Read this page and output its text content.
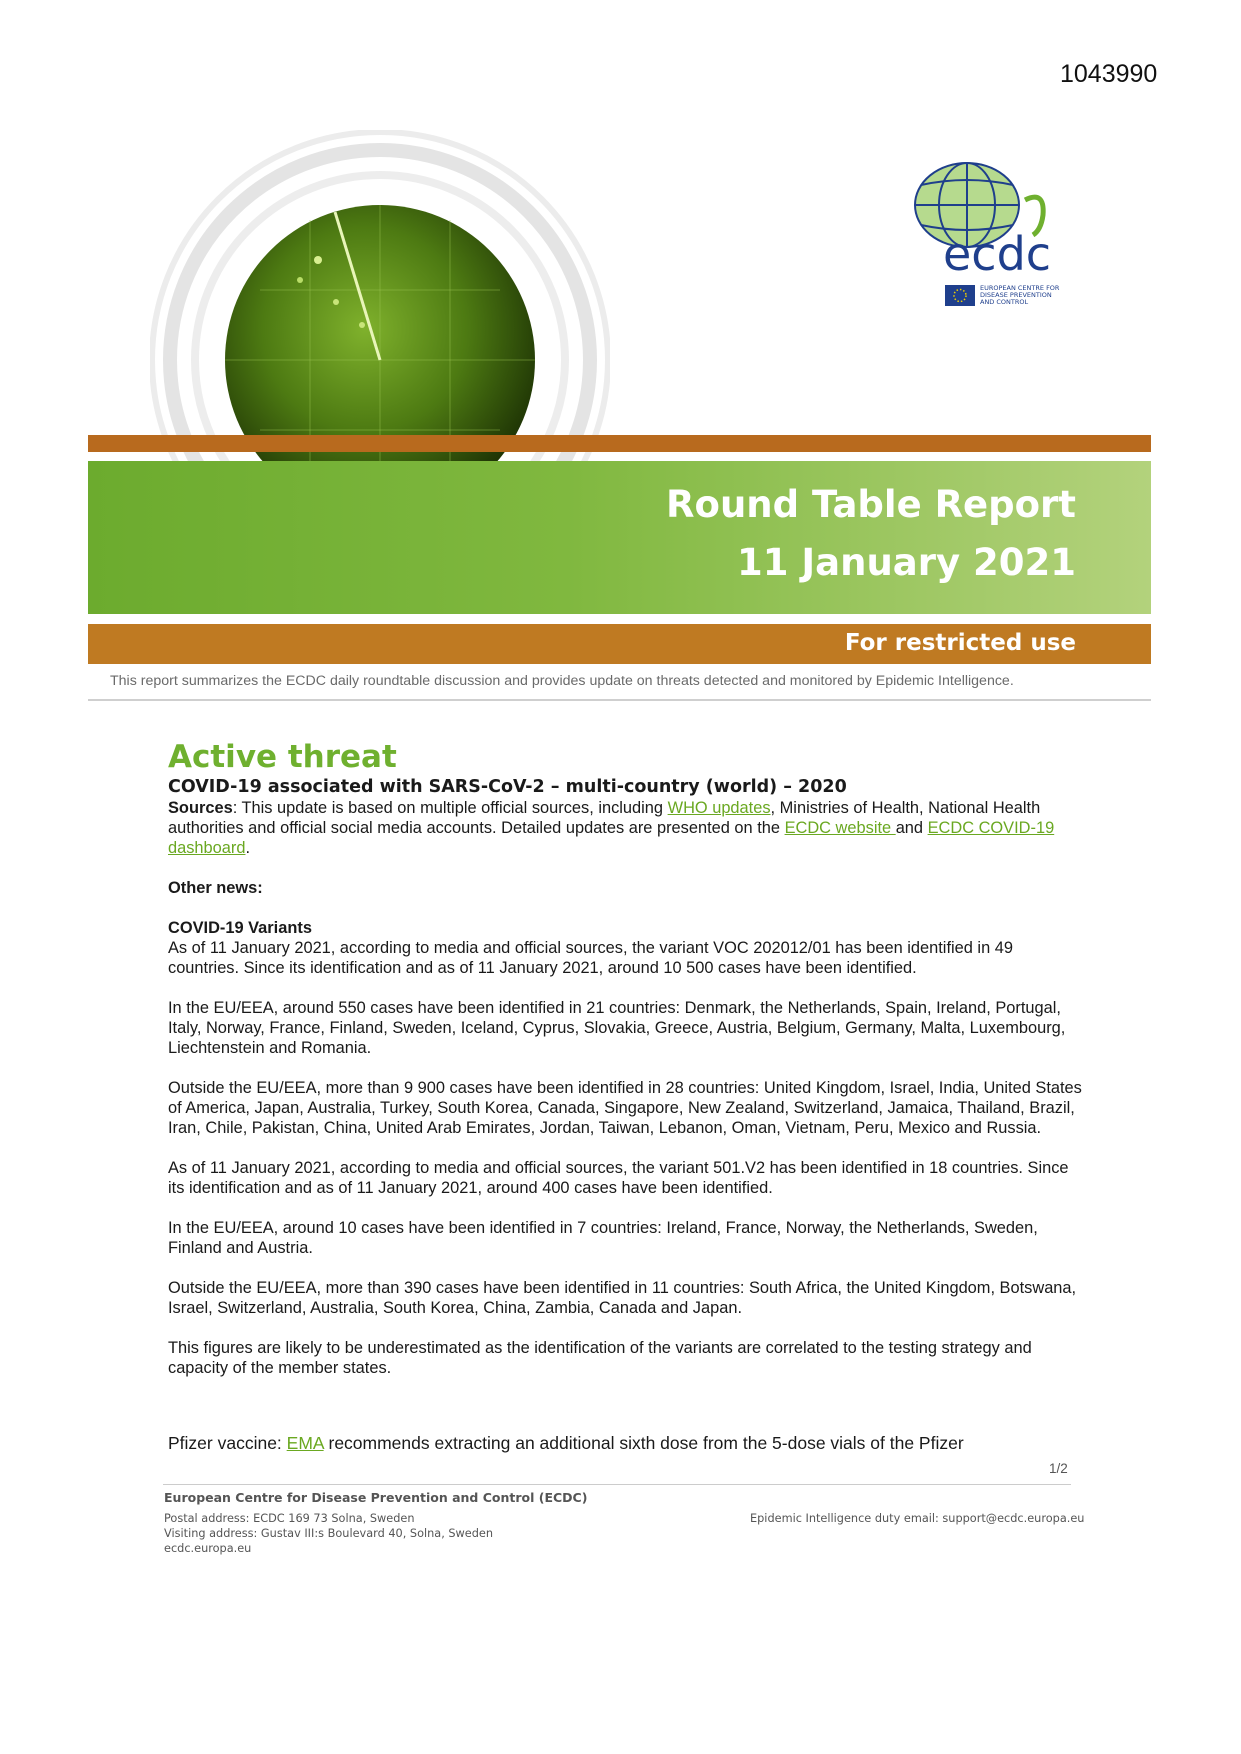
1043990
ecdc
EUROPEAN CENTRE FOR
DISEASE PREVENTION
AND CONTROL
Round Table Report
11 January 2021
For restricted use
This report summarizes the ECDC daily roundtable discussion and provides update on threats detected and monitored by Epidemic Intelligence.
Active threat
COVID-19 associated with SARS-CoV-2 – multi-country (world) – 2020

Sources: This update is based on multiple official sources, including WHO updates, Ministries of Health, National Health authorities and official social media accounts. Detailed updates are presented on the ECDC website and ECDC COVID-19 dashboard.

Other news:

COVID-19 Variants

As of 11 January 2021, according to media and official sources, the variant VOC 202012/01 has been identified in 49 countries. Since its identification and as of 11 January 2021, around 10 500 cases have been identified.

In the EU/EEA, around 550 cases have been identified in 21 countries: Denmark, the Netherlands, Spain, Ireland, Portugal, Italy, Norway, France, Finland, Sweden, Iceland, Cyprus, Slovakia, Greece, Austria, Belgium, Germany, Malta, Luxembourg, Liechtenstein and Romania.

Outside the EU/EEA, more than 9 900 cases have been identified in 28 countries: United Kingdom, Israel, India, United States of America, Japan, Australia, Turkey, South Korea, Canada, Singapore, New Zealand, Switzerland, Jamaica, Thailand, Brazil, Iran, Chile, Pakistan, China, United Arab Emirates, Jordan, Taiwan, Lebanon, Oman, Vietnam, Peru, Mexico and Russia.

As of 11 January 2021, according to media and official sources, the variant 501.V2 has been identified in 18 countries. Since its identification and as of 11 January 2021, around 400 cases have been identified.

In the EU/EEA, around 10 cases have been identified in 7 countries: Ireland, France, Norway, the Netherlands, Sweden, Finland and Austria.

Outside the EU/EEA, more than 390 cases have been identified in 11 countries: South Africa, the United Kingdom, Botswana, Israel, Switzerland, Australia, South Korea, China, Zambia, Canada and Japan.

This figures are likely to be underestimated as the identification of the variants are correlated to the testing strategy and capacity of the member states.

Pfizer vaccine: EMA recommends extracting an additional sixth dose from the 5-dose vials of the Pfizer
1/2
European Centre for Disease Prevention and Control (ECDC)
Postal address: ECDC 169 73 Solna, Sweden
Visiting address: Gustav III:s Boulevard 40, Solna, Sweden
ecdc.europa.eu
Epidemic Intelligence duty email: support@ecdc.europa.eu
